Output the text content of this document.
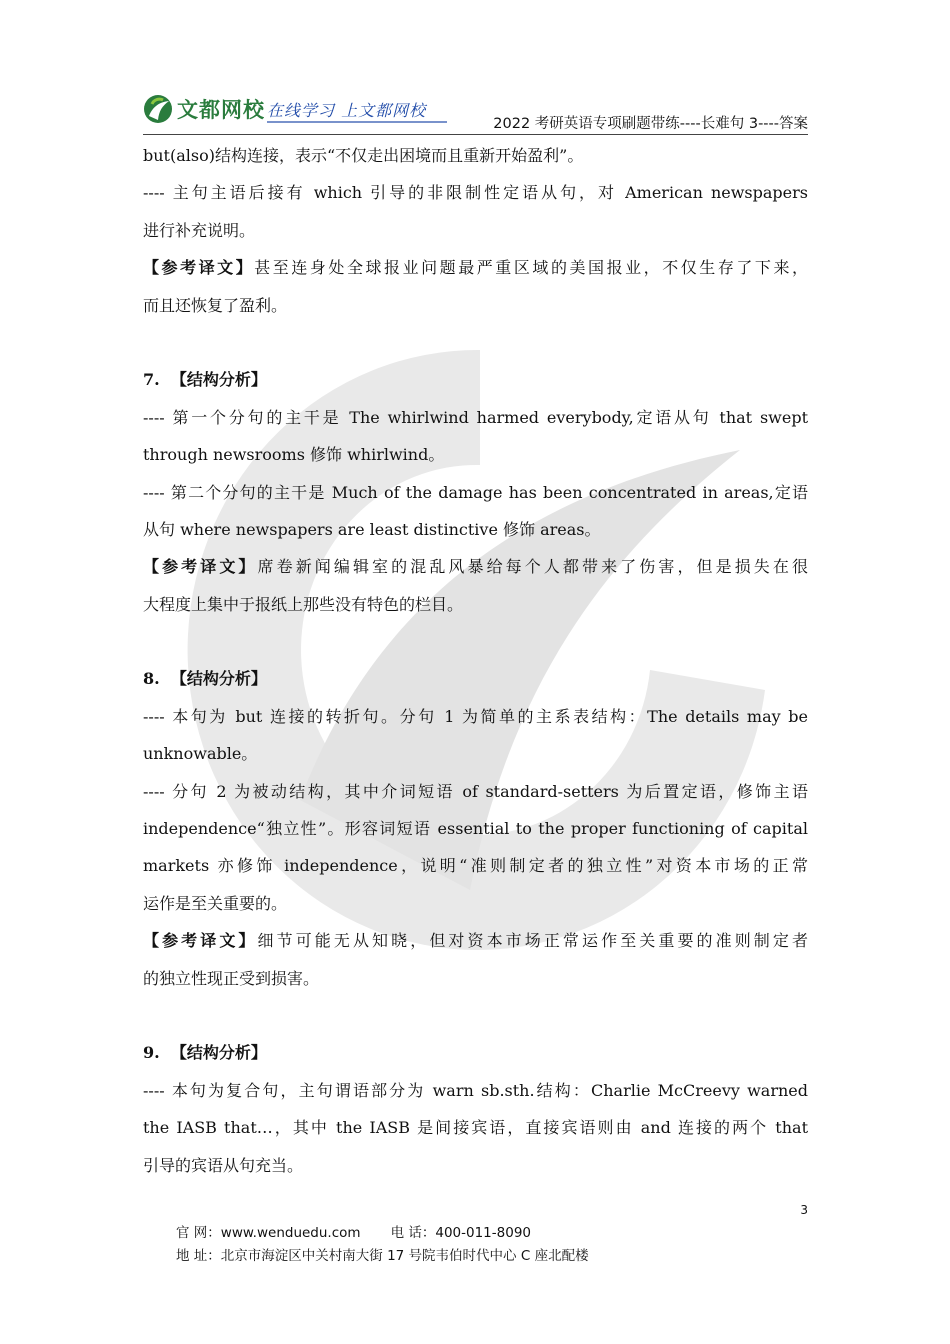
文都网校 在线学习 上文都网校
2022 考研英语专项刷题带练----长难句 3----答案
but(also)结构连接，表示“不仅走出困境而且重新开始盈利”。
---- 主句主语后接有 which 引导的非限制性定语从句，对 American newspapers
进行补充说明。
【参考译文】甚至连身处全球报业问题最严重区域的美国报业，不仅生存了下来，
而且还恢复了盈利。
7. 【结构分析】
---- 第一个分句的主干是 The whirlwind harmed everybody,定语从句 that swept
through newsrooms 修饰 whirlwind。
---- 第二个分句的主干是 Much of the damage has been concentrated in areas,定语
从句 where newspapers are least distinctive 修饰 areas。
【参考译文】席卷新闻编辑室的混乱风暴给每个人都带来了伤害，但是损失在很
大程度上集中于报纸上那些没有特色的栏目。
8. 【结构分析】
---- 本句为 but 连接的转折句。分句 1 为简单的主系表结构：The details may be
unknowable。
---- 分句 2 为被动结构，其中介词短语 of standard-setters 为后置定语，修饰主语
independence“独立性”。形容词短语 essential to the proper functioning of capital
markets 亦修饰 independence，说明“准则制定者的独立性”对资本市场的正常
运作是至关重要的。
【参考译文】细节可能无从知晓，但对资本市场正常运作至关重要的准则制定者
的独立性现正受到损害。
9. 【结构分析】
---- 本句为复合句，主句谓语部分为 warn sb.sth.结构：Charlie McCreevy warned
the IASB that…，其中 the IASB 是间接宾语，直接宾语则由 and 连接的两个 that
引导的宾语从句充当。
3
官 网：www.wenduedu.com 电 话：400-011-8090
地 址：北京市海淀区中关村南大街 17 号院韦伯时代中心 C 座北配楼
